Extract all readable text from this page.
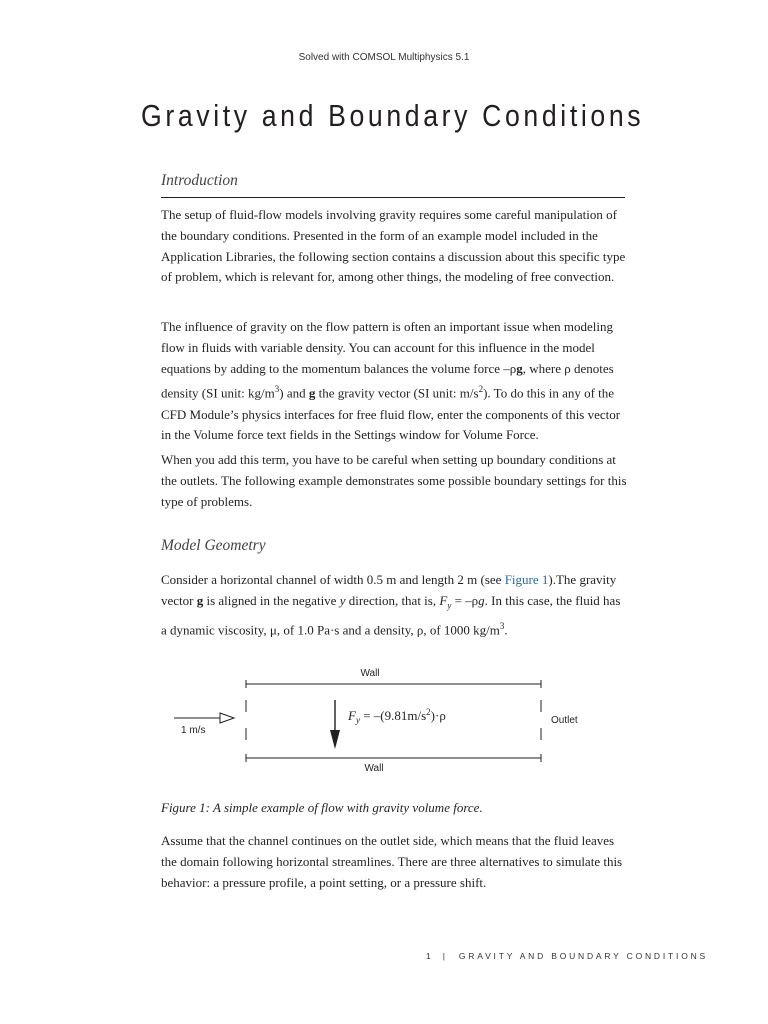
Solved with COMSOL Multiphysics 5.1
Gravity and Boundary Conditions
Introduction

The setup of fluid-flow models involving gravity requires some careful manipulation of the boundary conditions. Presented in the form of an example model included in the Application Libraries, the following section contains a discussion about this specific type of problem, which is relevant for, among other things, the modeling of free convection.

The influence of gravity on the flow pattern is often an important issue when modeling flow in fluids with variable density. You can account for this influence in the model equations by adding to the momentum balances the volume force –ρg, where ρ denotes density (SI unit: $kg/m^3$) and g the gravity vector (SI unit: $m/s^2$). To do this in any of the CFD Module’s physics interfaces for free fluid flow, enter the components of this vector in the Volume force text fields in the Settings window for Volume Force.

When you add this term, you have to be careful when setting up boundary conditions at the outlets. The following example demonstrates some possible boundary settings for this type of problems.

Model Geometry

Consider a horizontal channel of width 0.5 m and length 2 m (see Figure 1).The gravity vector g is aligned in the negative y direction, that is, $F_y = -\rho g$. In this case, the fluid has a dynamic viscosity, μ, of 1.0 Pa·s and a density, ρ, of 1000 $kg/m^3$.

Wall
Wall
1 m/s
Outlet
$F_y = -(9.81m/s^2)\cdot\rho$

Figure 1: A simple example of flow with gravity volume force.

Assume that the channel continues on the outlet side, which means that the fluid leaves the domain following horizontal streamlines. There are three alternatives to simulate this behavior: a pressure profile, a point setting, or a pressure shift.

1 | GRAVITY AND BOUNDARY CONDITIONS
